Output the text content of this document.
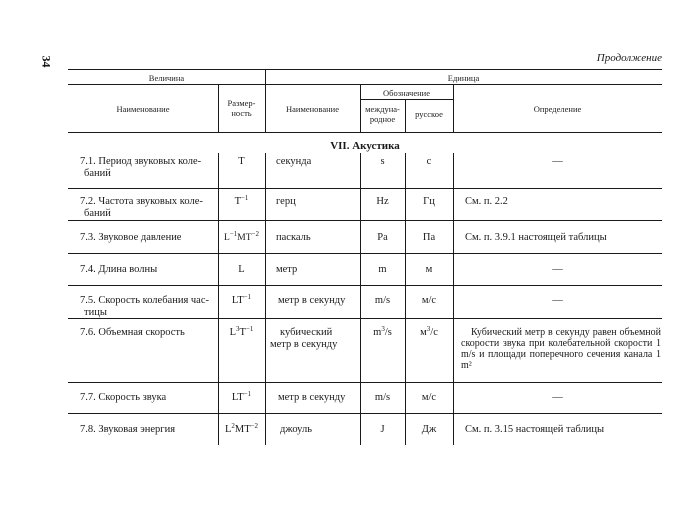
34	Продолжение
Величина
Наименование
Размер-
ность
Единица
Наименование
Обозначение
междуна-
родное	русское	Определение
VII. Акустика
7.1. Период звуковых коле-
баний
T	секунда	s	с	—
7.2. Частота звуковых коле-
баний
$T^{-1}$	герц	Hz	Гц	См. п. 2.2
7.3. Звуковое давление	$L^{-1}MT^{-2}$	паскаль	Pa	Па	См. п. 3.9.1 настоящей таблицы
7.4. Длина волны	L	метр	m	м	—
7.5. Скорость колебания час-
тицы
$LT^{-1}$	метр в секунду	m/s	м/с	—
7.6. Объемная скорость	$L^3T^{-1}$	кубический
метр в секунду
$m^3/s$	$м^3/с$	Кубический метр в секунду равен объемной скорости звука при колебательной скорости 1 m/s и площади поперечного сечения канала 1 m²
7.7. Скорость звука	$LT^{-1}$	метр в секунду	m/s	м/с	—
7.8. Звуковая энергия	$L^2MT^{-2}$	джоуль	J	Дж	См. п. 3.15 настоящей таблицы
